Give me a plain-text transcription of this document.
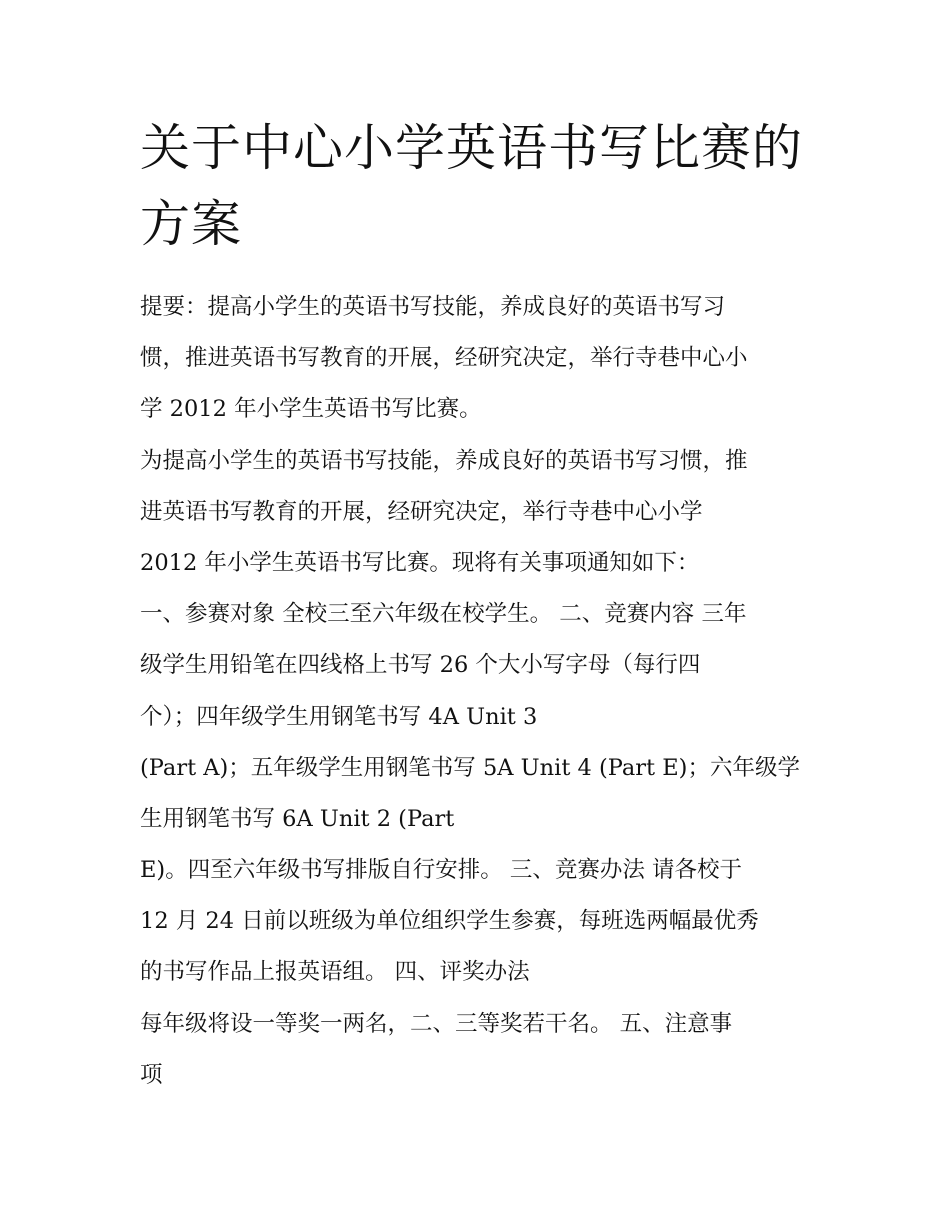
关于中心小学英语书写比赛的
方案
提要：提高小学生的英语书写技能，养成良好的英语书写习
惯，推进英语书写教育的开展，经研究决定，举行寺巷中心小
学 2012 年小学生英语书写比赛。
为提高小学生的英语书写技能，养成良好的英语书写习惯，推
进英语书写教育的开展，经研究决定，举行寺巷中心小学
2012 年小学生英语书写比赛。现将有关事项通知如下：
一、参赛对象 全校三至六年级在校学生。 二、竞赛内容 三年
级学生用铅笔在四线格上书写 26 个大小写字母（每行四
个）；四年级学生用钢笔书写 4A Unit 3
(Part A)；五年级学生用钢笔书写 5A Unit 4 (Part E)；六年级学
生用钢笔书写 6A Unit 2 (Part
E)。四至六年级书写排版自行安排。 三、竞赛办法 请各校于
12 月 24 日前以班级为单位组织学生参赛，每班选两幅最优秀
的书写作品上报英语组。 四、评奖办法
每年级将设一等奖一两名，二、三等奖若干名。 五、注意事
项
